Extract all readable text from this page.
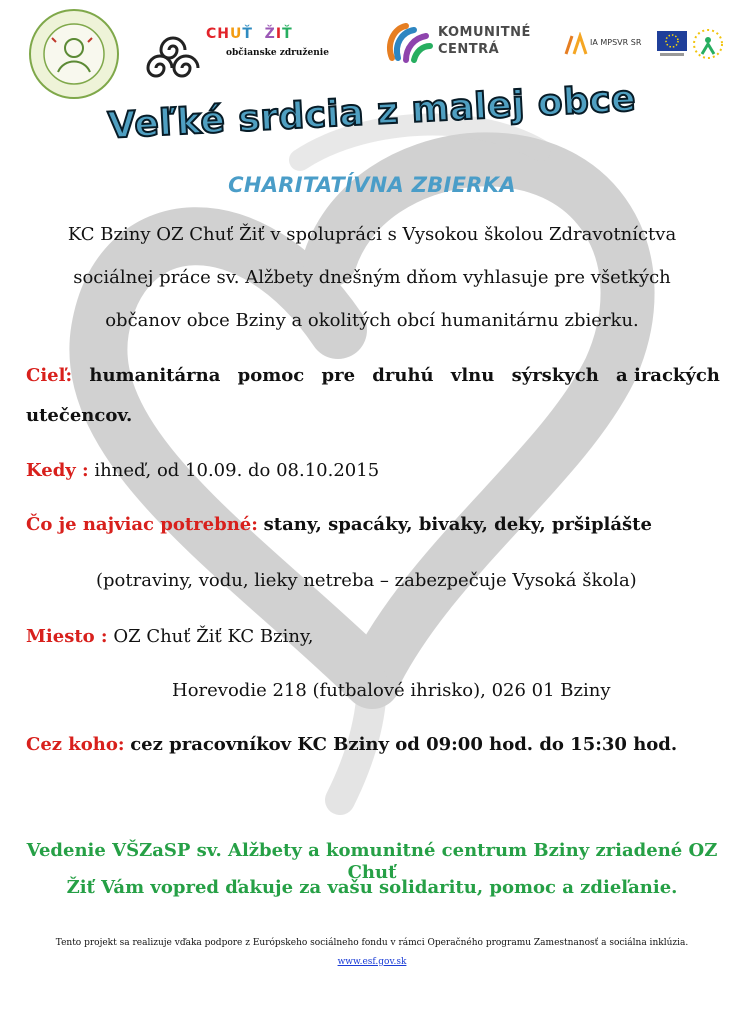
CHUŤ  ŽIŤ
občianske združenie
KOMUNITNÉ
CENTRÁ	IA MPSVR SR
Veľké srdcia z malej obce
CHARITATÍVNA ZBIERKA
KC Bziny OZ Chuť Žiť v spolupráci s Vysokou školou Zdravotníctva
sociálnej práce sv. Alžbety dnešným dňom vyhlasuje pre všetkých
občanov obce Bziny a okolitých obcí humanitárnu zbierku.
Cieľ: humanitárna pomoc pre druhú vlnu sýrskych a irackých
utečencov.
Kedy : ihneď, od 10.09. do 08.10.2015
Čo je najviac potrebné: stany, spacáky, bivaky, deky, pršiplášte
(potraviny, vodu, lieky netreba – zabezpečuje Vysoká škola)
Miesto : OZ Chuť Žiť KC Bziny,
Horevodie 218 (futbalové ihrisko), 026 01 Bziny
Cez koho: cez pracovníkov KC Bziny od 09:00 hod. do 15:30 hod.
Vedenie VŠZaSP sv. Alžbety a komunitné centrum Bziny zriadené OZ Chuť
Žiť Vám vopred ďakuje za vašu solidaritu, pomoc a zdieľanie.
Tento projekt sa realizuje vďaka podpore z Európskeho sociálneho fondu v rámci Operačného programu Zamestnanosť a sociálna inklúzia.
www.esf.gov.sk
